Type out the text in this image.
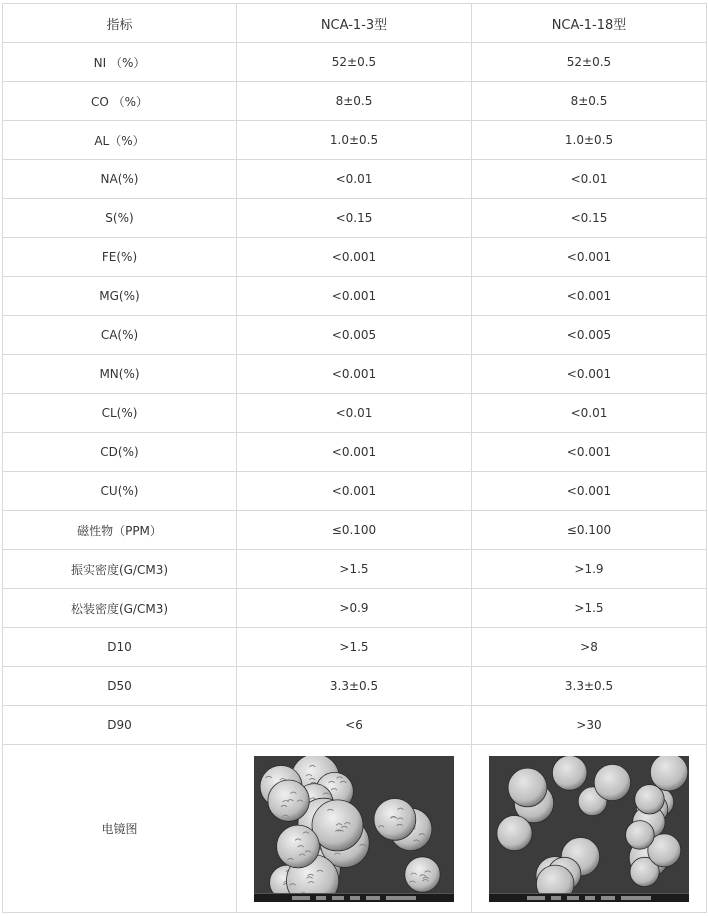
指标	NCA-1-3型	NCA-1-18型
NI （%）	52±0.5	52±0.5
CO （%）	8±0.5	8±0.5
AL（%）	1.0±0.5	1.0±0.5
NA(%)	<0.01	<0.01
S(%)	<0.15	<0.15
FE(%)	<0.001	<0.001
MG(%)	<0.001	<0.001
CA(%)	<0.005	<0.005
MN(%)	<0.001	<0.001
CL(%)	<0.01	<0.01
CD(%)	<0.001	<0.001
CU(%)	<0.001	<0.001
磁性物（PPM）	≤0.100	≤0.100
振实密度(G/CM3)	>1.5	>1.9
松装密度(G/CM3)	>0.9	>1.5
D10	>1.5	>8
D50	3.3±0.5	3.3±0.5
D90	<6	>30
电镜图	
